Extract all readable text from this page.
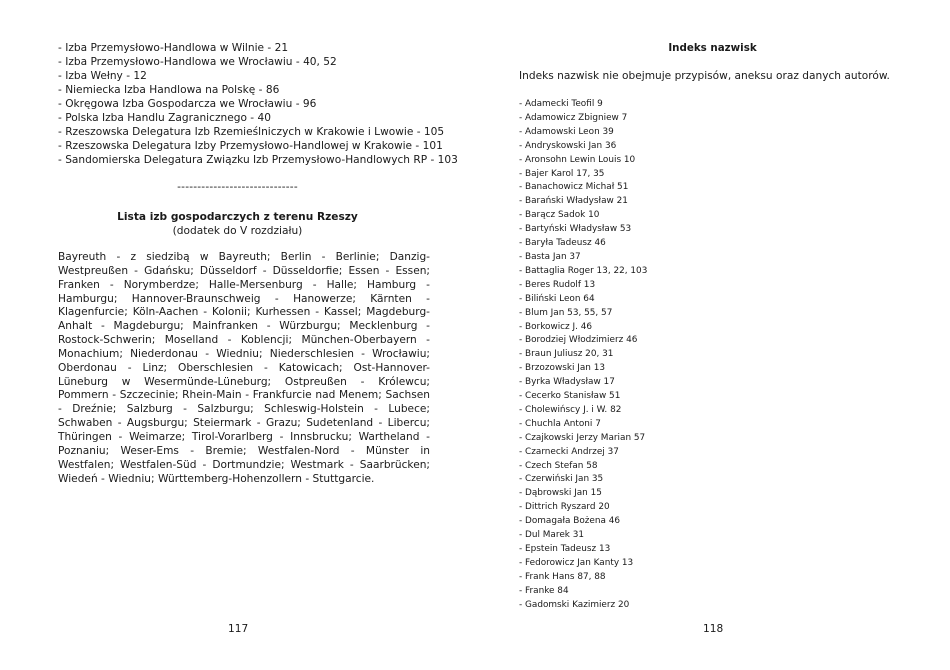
- Izba Przemysłowo-Handlowa w Wilnie - 21
- Izba Przemysłowo-Handlowa we Wrocławiu - 40, 52
- Izba Wełny - 12
- Niemiecka Izba Handlowa na Polskę - 86
- Okręgowa Izba Gospodarcza we Wrocławiu - 96
- Polska Izba Handlu Zagranicznego - 40
- Rzeszowska Delegatura Izb Rzemieślniczych w Krakowie i Lwowie - 105
- Rzeszowska Delegatura Izby Przemysłowo-Handlowej w Krakowie - 101
- Sandomierska Delegatura Związku Izb Przemysłowo-Handlowych RP - 103
------------------------------
Lista izb gospodarczych z terenu Rzeszy
(dodatek do V rozdziału)

Bayreuth - z siedzibą w Bayreuth; Berlin - Berlinie; Danzig-Westpreußen - Gdańsku; Düsseldorf - Düsseldorfie; Essen - Essen; Franken - Norymberdze; Halle-Mersenburg - Halle; Hamburg - Hamburgu; Hannover-Braunschweig - Hanowerze; Kärnten - Klagenfurcie; Köln-Aachen - Kolonii; Kurhessen - Kassel; Magdeburg-Anhalt - Magdeburgu; Mainfranken - Würzburgu; Mecklenburg - Rostock-Schwerin; Moselland - Koblencji; München-Oberbayern - Monachium; Niederdonau - Wiedniu; Niederschlesien - Wrocławiu; Oberdonau - Linz; Oberschlesien - Katowicach; Ost-Hannover-Lüneburg w Wesermünde-Lüneburg; Ostpreußen - Królewcu; Pommern - Szczecinie; Rhein-Main - Frankfurcie nad Menem; Sachsen - Dreźnie; Salzburg - Salzburgu; Schleswig-Holstein - Lubece; Schwaben - Augsburgu; Steiermark - Grazu; Sudetenland - Libercu; Thüringen - Weimarze; Tirol-Vorarlberg - Innsbrucku; Wartheland - Poznaniu; Weser-Ems - Bremie; Westfalen-Nord - Münster in Westfalen; Westfalen-Süd - Dortmundzie; Westmark - Saarbrücken; Wiedeń - Wiedniu; Württemberg-Hohenzollern - Stuttgarcie.

117
Indeks nazwisk
Indeks nazwisk nie obejmuje przypisów, aneksu oraz danych autorów.
- Adamecki Teofil 9
- Adamowicz Zbigniew 7
- Adamowski Leon 39
- Andryskowski Jan 36
- Aronsohn Lewin Louis 10
- Bajer Karol 17, 35
- Banachowicz Michał 51
- Barański Władysław 21
- Barącz Sadok 10
- Bartyński Władysław 53
- Baryła Tadeusz 46
- Basta Jan 37
- Battaglia Roger 13, 22, 103
- Beres Rudolf 13
- Biliński Leon 64
- Blum Jan 53, 55, 57
- Borkowicz J. 46
- Borodziej Włodzimierz 46
- Braun Juliusz 20, 31
- Brzozowski Jan 13
- Byrka Władysław 17
- Cecerko Stanisław 51
- Cholewińscy J. i W. 82
- Chuchla Antoni 7
- Czajkowski Jerzy Marian 57
- Czarnecki Andrzej 37
- Czech Stefan 58
- Czerwiński Jan 35
- Dąbrowski Jan 15
- Dittrich Ryszard 20
- Domagała Bożena 46
- Dul Marek 31
- Epstein Tadeusz 13
- Fedorowicz Jan Kanty 13
- Frank Hans 87, 88
- Franke 84
- Gadomski Kazimierz 20
118
